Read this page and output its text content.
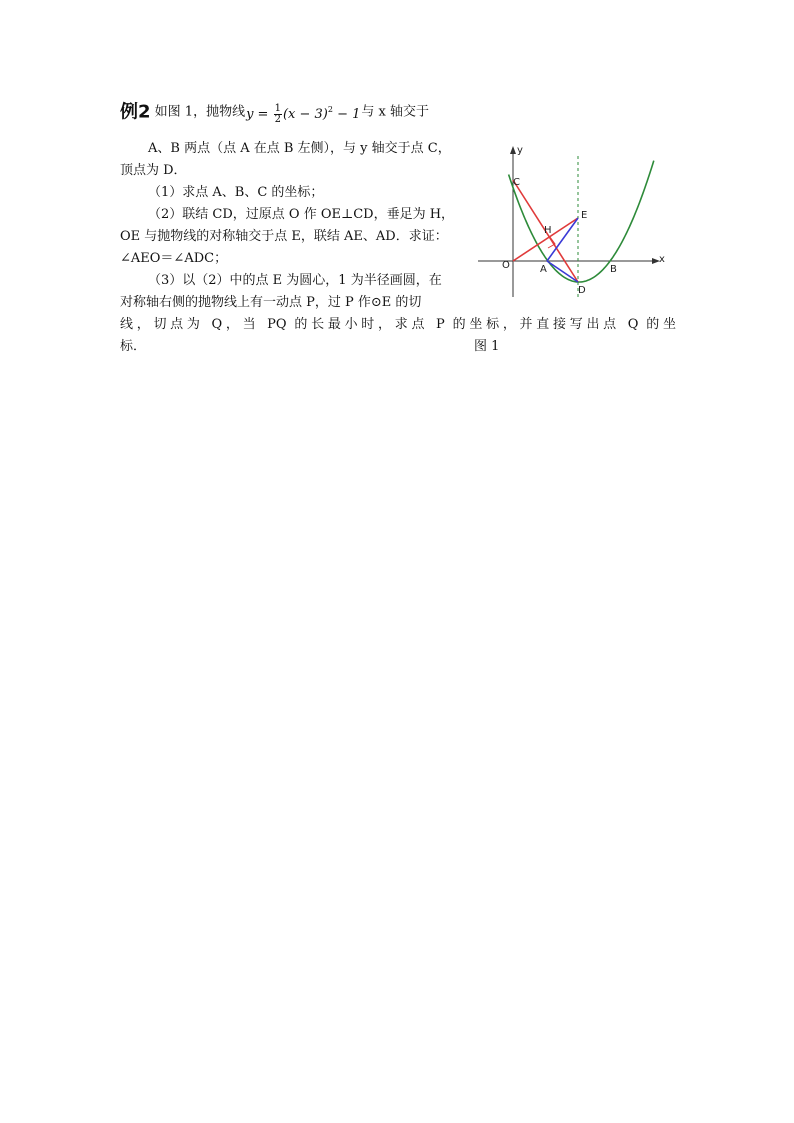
例2 如图 1，抛物线$y = \frac{1}{2} (x - 3)^2 - 1$与 x 轴交于
A、B 两点（点 A 在点 B 左侧），与 y 轴交于点 C，
顶点为 D．
（1）求点 A、B、C 的坐标；
（2）联结 CD，过原点 O 作 OE⊥CD，垂足为 H，
OE 与抛物线的对称轴交于点 E，联结 AE、AD．求证：
∠AEO＝∠ADC；
（3）以（2）中的点 E 为圆心，1 为半径画圆，在
对称轴右侧的抛物线上有一动点 P，过 P 作⊙E 的切
线，切点为 Q，当 PQ 的长最小时，求点 P 的坐标，并直接写出点 Q 的坐
标．
y
x
O	A	B
C
D
E
H
图 1
